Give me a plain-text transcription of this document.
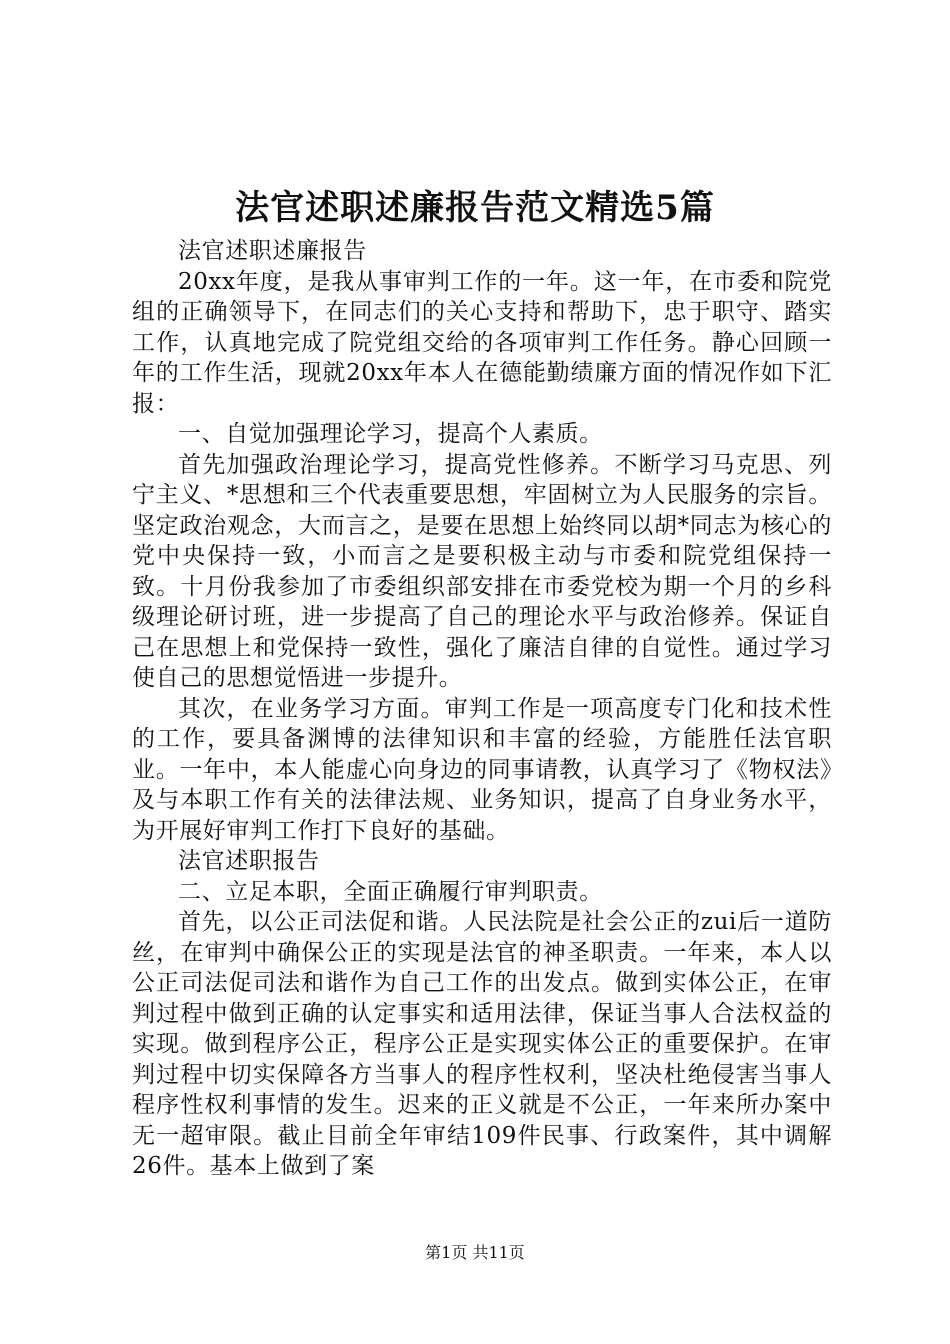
法官述职述廉报告范文精选5篇

法官述职述廉报告

20xx年度，是我从事审判工作的一年。这一年，在市委和院党组的正确领导下，在同志们的关心支持和帮助下，忠于职守、踏实工作，认真地完成了院党组交给的各项审判工作任务。静心回顾一年的工作生活，现就20xx年本人在德能勤绩廉方面的情况作如下汇报：

一、自觉加强理论学习，提高个人素质。

首先加强政治理论学习，提高党性修养。不断学习马克思、列宁主义、*思想和三个代表重要思想，牢固树立为人民服务的宗旨。坚定政治观念，大而言之，是要在思想上始终同以胡*同志为核心的党中央保持一致，小而言之是要积极主动与市委和院党组保持一致。十月份我参加了市委组织部安排在市委党校为期一个月的乡科级理论研讨班，进一步提高了自己的理论水平与政治修养。保证自己在思想上和党保持一致性，强化了廉洁自律的自觉性。通过学习使自己的思想觉悟进一步提升。

其次，在业务学习方面。审判工作是一项高度专门化和技术性的工作，要具备渊博的法律知识和丰富的经验，方能胜任法官职业。一年中，本人能虚心向身边的同事请教，认真学习了《物权法》及与本职工作有关的法律法规、业务知识，提高了自身业务水平，为开展好审判工作打下良好的基础。

法官述职报告

二、立足本职，全面正确履行审判职责。

首先，以公正司法促和谐。人民法院是社会公正的zui后一道防丝，在审判中确保公正的实现是法官的神圣职责。一年来，本人以公正司法促司法和谐作为自己工作的出发点。做到实体公正，在审判过程中做到正确的认定事实和适用法律，保证当事人合法权益的实现。做到程序公正，程序公正是实现实体公正的重要保护。在审判过程中切实保障各方当事人的程序性权利，坚决杜绝侵害当事人程序性权利事情的发生。迟来的正义就是不公正，一年来所办案中无一超审限。截止目前全年审结109件民事、行政案件，其中调解26件。基本上做到了案

第1页 共11页
